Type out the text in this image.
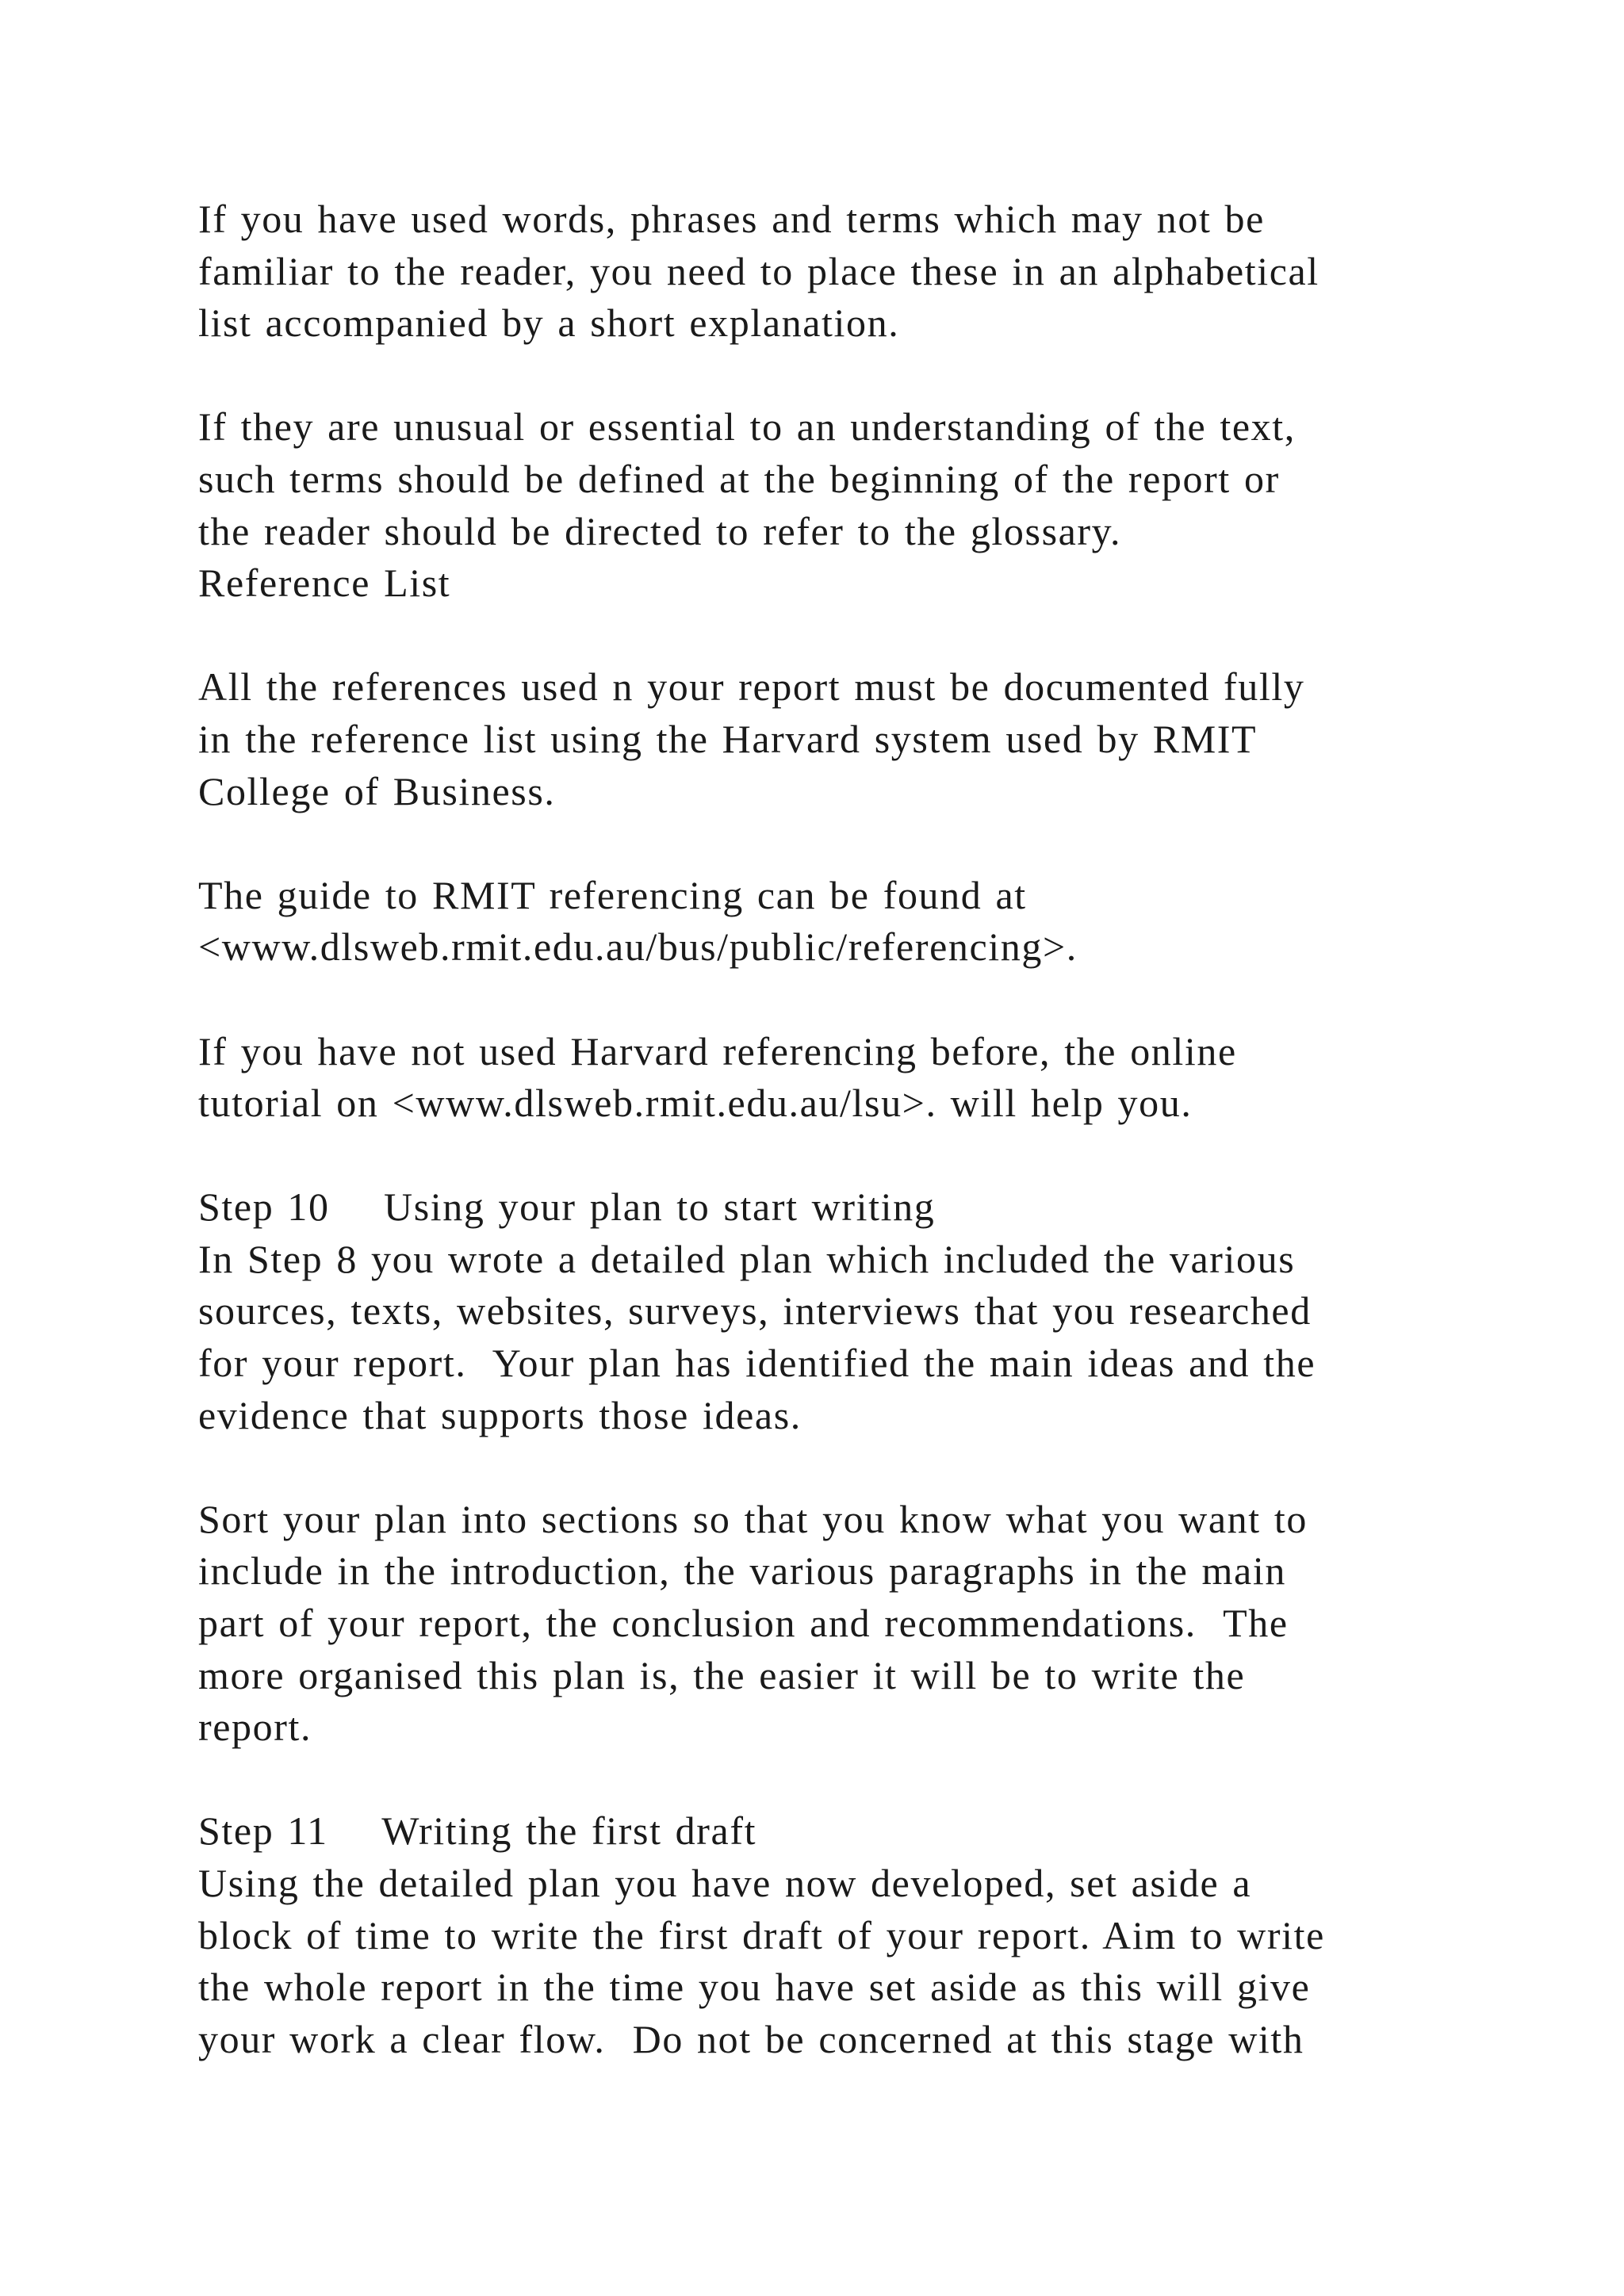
If you have used words, phrases and terms which may not be
familiar to the reader, you need to place these in an alphabetical
list accompanied by a short explanation.
If they are unusual or essential to an understanding of the text,
such terms should be defined at the beginning of the report or
the reader should be directed to refer to the glossary.
Reference List
All the references used n your report must be documented fully
in the reference list using the Harvard system used by RMIT
College of Business.
The guide to RMIT referencing can be found at
<www.dlsweb.rmit.edu.au/bus/public/referencing>.
If you have not used Harvard referencing before, the online
tutorial on <www.dlsweb.rmit.edu.au/lsu>. will help you.
Step 10    Using your plan to start writing
In Step 8 you wrote a detailed plan which included the various
sources, texts, websites, surveys, interviews that you researched
for your report.  Your plan has identified the main ideas and the
evidence that supports those ideas.
Sort your plan into sections so that you know what you want to
include in the introduction, the various paragraphs in the main
part of your report, the conclusion and recommendations.  The
more organised this plan is, the easier it will be to write the
report.
Step 11    Writing the first draft
Using the detailed plan you have now developed, set aside a
block of time to write the first draft of your report. Aim to write
the whole report in the time you have set aside as this will give
your work a clear flow.  Do not be concerned at this stage with
